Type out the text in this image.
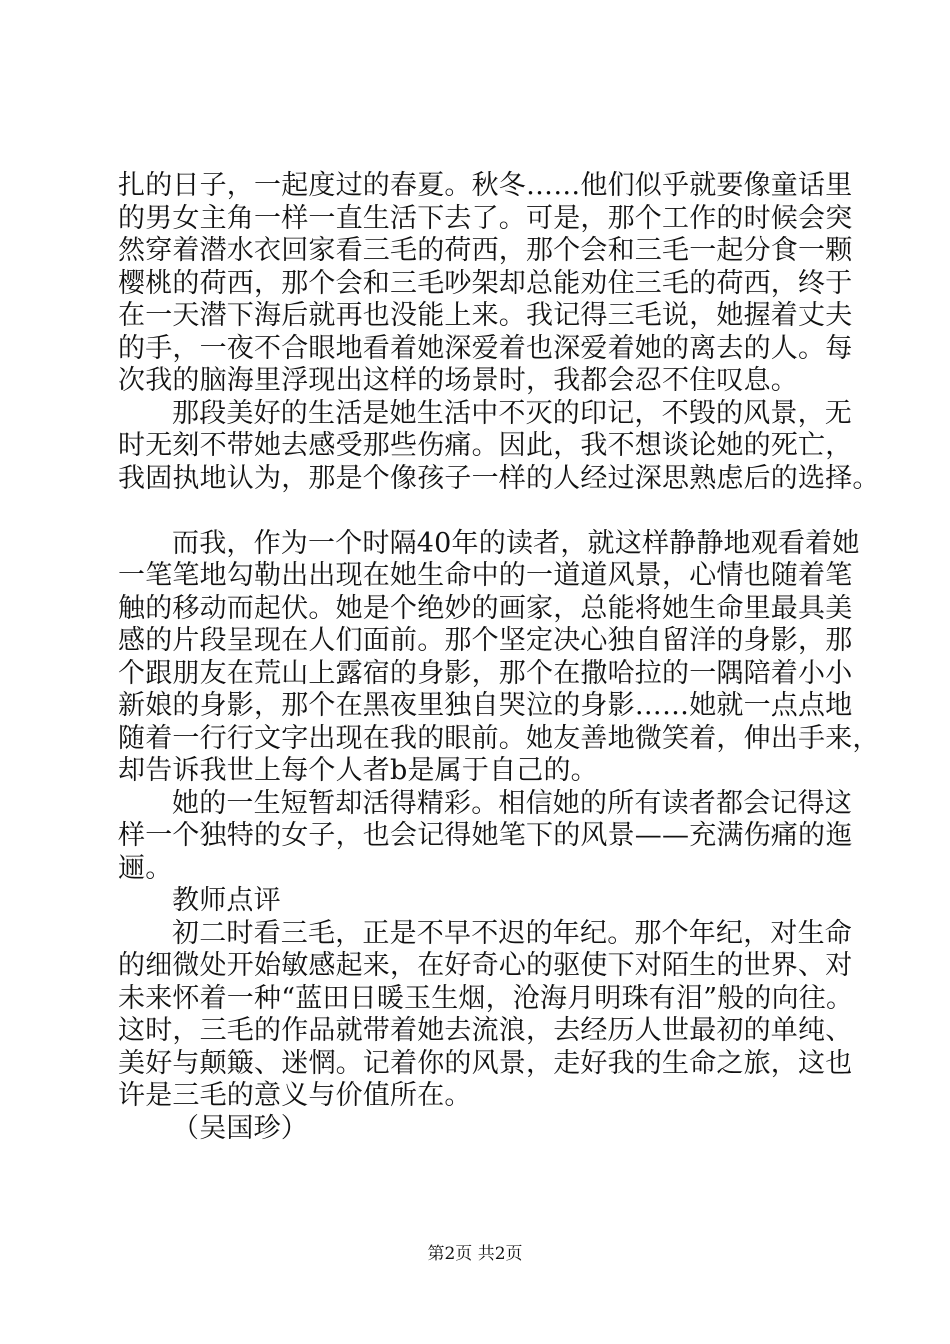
扎的日子，一起度过的春夏。秋冬……他们似乎就要像童话里
的男女主角一样一直生活下去了。可是，那个工作的时候会突
然穿着潜水衣回家看三毛的荷西，那个会和三毛一起分食一颗
樱桃的荷西，那个会和三毛吵架却总能劝住三毛的荷西，终于
在一天潜下海后就再也没能上来。我记得三毛说，她握着丈夫
的手，一夜不合眼地看着她深爱着也深爱着她的离去的人。每
次我的脑海里浮现出这样的场景时，我都会忍不住叹息。
那段美好的生活是她生活中不灭的印记，不毁的风景，无
时无刻不带她去感受那些伤痛。因此，我不想谈论她的死亡，
我固执地认为，那是个像孩子一样的人经过深思熟虑后的选择。
而我，作为一个时隔40年的读者，就这样静静地观看着她
一笔笔地勾勒出出现在她生命中的一道道风景，心情也随着笔
触的移动而起伏。她是个绝妙的画家，总能将她生命里最具美
感的片段呈现在人们面前。那个坚定决心独自留洋的身影，那
个跟朋友在荒山上露宿的身影，那个在撒哈拉的一隅陪着小小
新娘的身影，那个在黑夜里独自哭泣的身影……她就一点点地
随着一行行文字出现在我的眼前。她友善地微笑着，伸出手来，
却告诉我世上每个人者b是属于自己的。
她的一生短暂却活得精彩。相信她的所有读者都会记得这
样一个独特的女子，也会记得她笔下的风景——充满伤痛的迤
逦。
教师点评
初二时看三毛，正是不早不迟的年纪。那个年纪，对生命
的细微处开始敏感起来，在好奇心的驱使下对陌生的世界、对
未来怀着一种“蓝田日暖玉生烟，沧海月明珠有泪”般的向往。
这时，三毛的作品就带着她去流浪，去经历人世最初的单纯、
美好与颠簸、迷惘。记着你的风景，走好我的生命之旅，这也
许是三毛的意义与价值所在。
（吴国珍）
第2页 共2页
